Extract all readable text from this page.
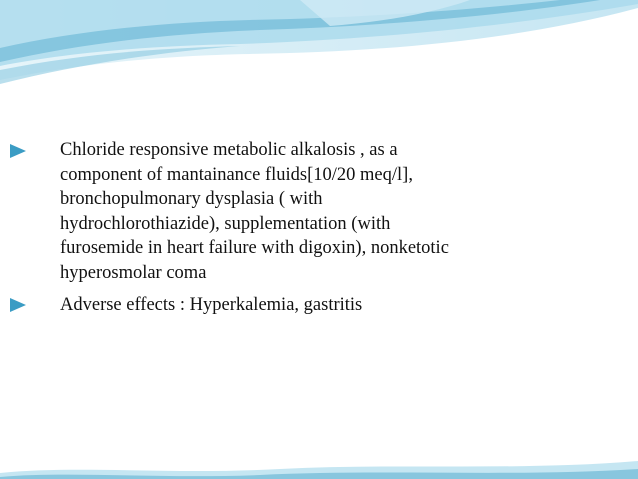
Chloride responsive metabolic alkalosis , as a
component of mantainance fluids[10/20 meq/l],
bronchopulmonary dysplasia ( with
hydrochlorothiazide), supplementation (with
furosemide in heart failure with digoxin), nonketotic
hyperosmolar coma
Adverse effects : Hyperkalemia, gastritis
